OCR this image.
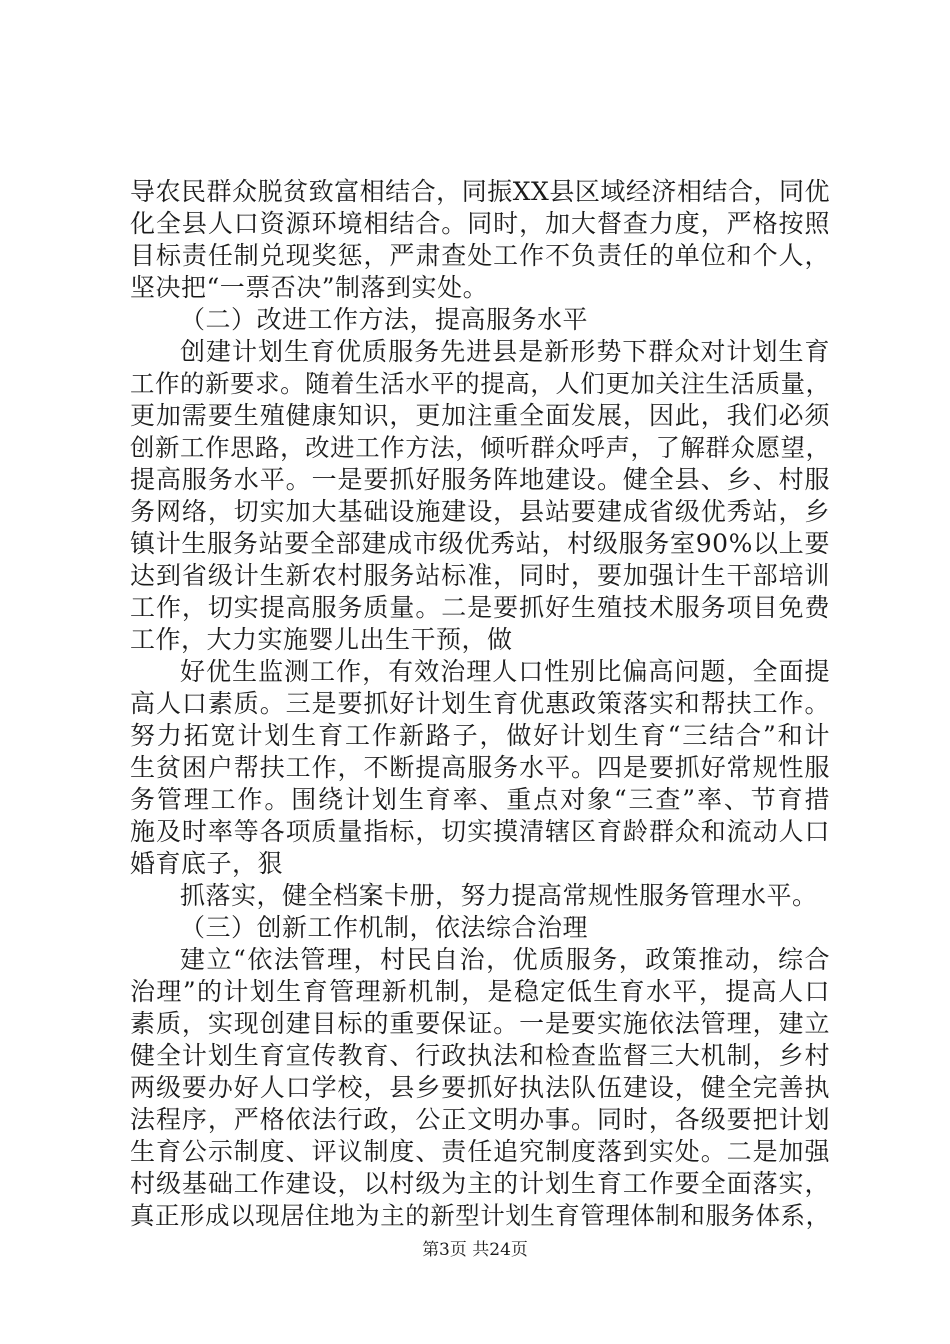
导农民群众脱贫致富相结合，同振XX县区域经济相结合，同优
化全县人口资源环境相结合。同时，加大督查力度，严格按照
目标责任制兑现奖惩，严肃查处工作不负责任的单位和个人，
坚决把“一票否决”制落到实处。
（二）改进工作方法，提高服务水平
创建计划生育优质服务先进县是新形势下群众对计划生育
工作的新要求。随着生活水平的提高，人们更加关注生活质量，
更加需要生殖健康知识，更加注重全面发展，因此，我们必须
创新工作思路，改进工作方法，倾听群众呼声，了解群众愿望，
提高服务水平。一是要抓好服务阵地建设。健全县、乡、村服
务网络，切实加大基础设施建设，县站要建成省级优秀站，乡
镇计生服务站要全部建成市级优秀站，村级服务室90%以上要
达到省级计生新农村服务站标准，同时，要加强计生干部培训
工作，切实提高服务质量。二是要抓好生殖技术服务项目免费
工作，大力实施婴儿出生干预，做
好优生监测工作，有效治理人口性别比偏高问题，全面提
高人口素质。三是要抓好计划生育优惠政策落实和帮扶工作。
努力拓宽计划生育工作新路子，做好计划生育“三结合”和计
生贫困户帮扶工作，不断提高服务水平。四是要抓好常规性服
务管理工作。围绕计划生育率、重点对象“三查”率、节育措
施及时率等各项质量指标，切实摸清辖区育龄群众和流动人口
婚育底子，狠
抓落实，健全档案卡册，努力提高常规性服务管理水平。
（三）创新工作机制，依法综合治理
建立“依法管理，村民自治，优质服务，政策推动，综合
治理”的计划生育管理新机制，是稳定低生育水平，提高人口
素质，实现创建目标的重要保证。一是要实施依法管理，建立
健全计划生育宣传教育、行政执法和检查监督三大机制，乡村
两级要办好人口学校，县乡要抓好执法队伍建设，健全完善执
法程序，严格依法行政，公正文明办事。同时，各级要把计划
生育公示制度、评议制度、责任追究制度落到实处。二是加强
村级基础工作建设，以村级为主的计划生育工作要全面落实，
真正形成以现居住地为主的新型计划生育管理体制和服务体系，
第3页 共24页
